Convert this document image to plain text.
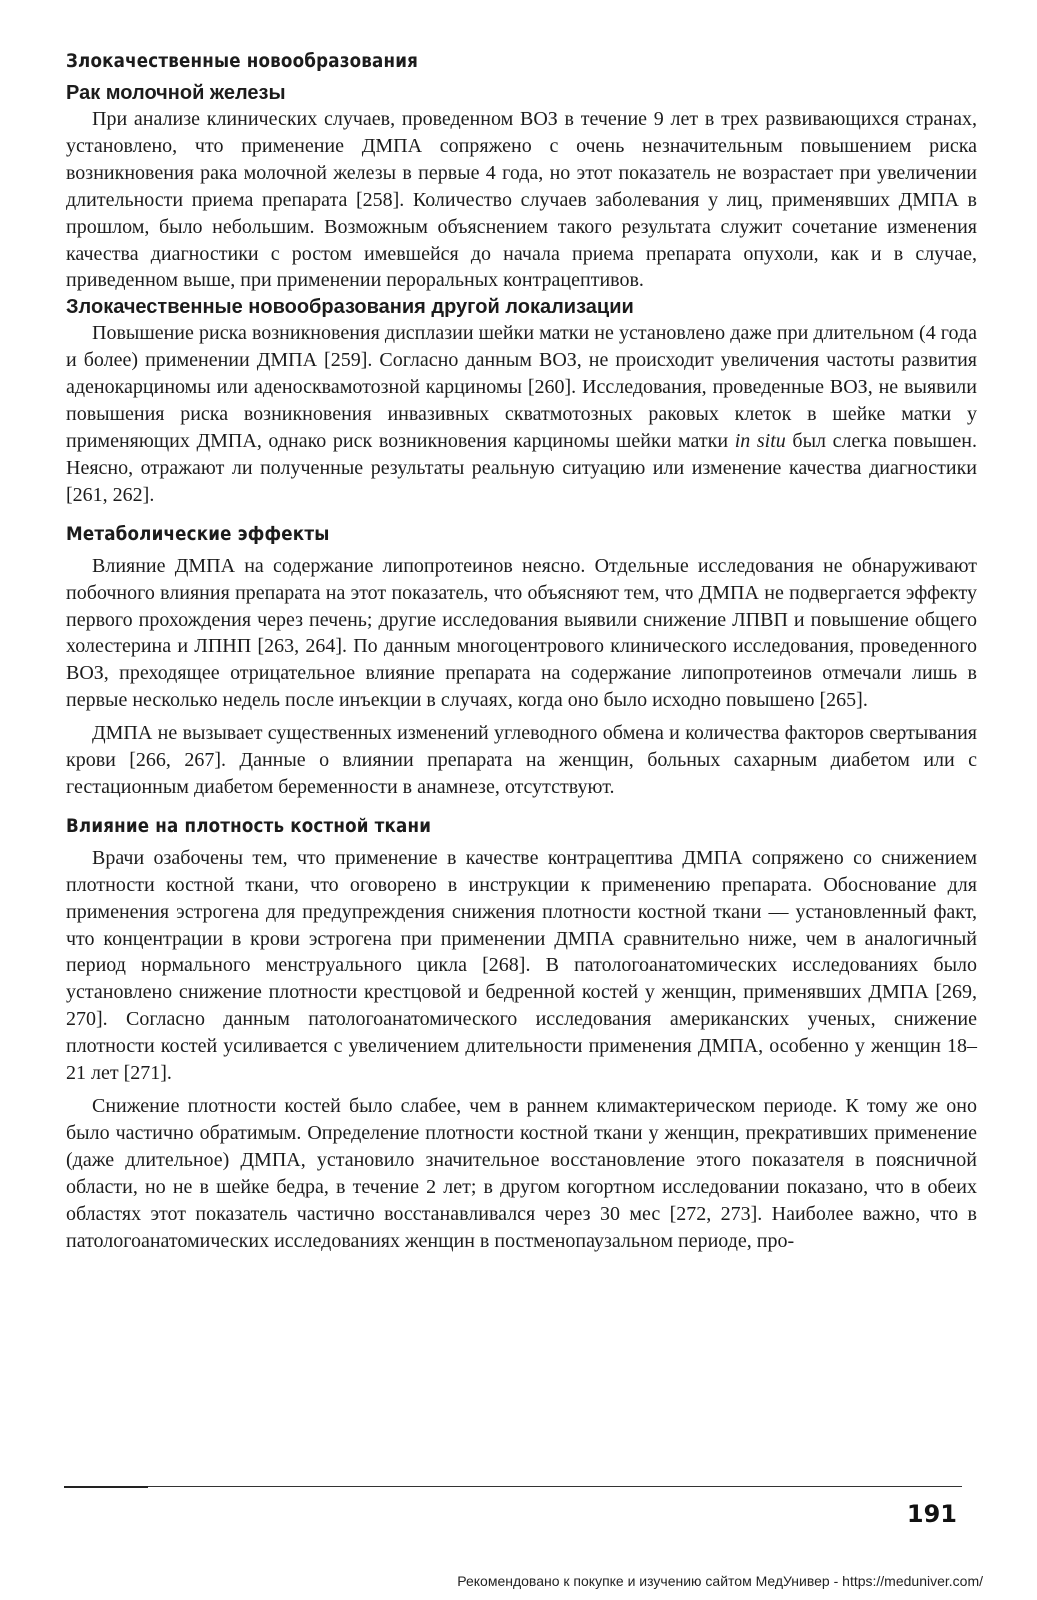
Злокачественные новообразования
Рак молочной железы

При анализе клинических случаев, проведенном ВОЗ в течение 9 лет в трех развивающихся странах, установлено, что применение ДМПА сопряжено с очень незначительным повышением риска возникновения рака молочной железы в первые 4 года, но этот показатель не возрастает при увеличении длительности приема препарата [258]. Количество случаев заболевания у лиц, применявших ДМПА в прошлом, было небольшим. Возможным объяснением такого результата служит сочетание изменения качества диагностики с ростом имевшейся до начала приема препарата опухоли, как и в случае, приведенном выше, при применении пероральных контрацептивов.

Злокачественные новообразования другой локализации

Повышение риска возникновения дисплазии шейки матки не установлено даже при длительном (4 года и более) применении ДМПА [259]. Согласно данным ВОЗ, не происходит увеличения частоты развития аденокарциномы или аденосквамотозной карциномы [260]. Исследования, проведенные ВОЗ, не выявили повышения риска возникновения инвазивных скватмотозных раковых клеток в шейке матки у применяющих ДМПА, однако риск возникновения карциномы шейки матки in situ был слегка повышен. Неясно, отражают ли полученные результаты реальную ситуацию или изменение качества диагностики [261, 262].

Метаболические эффекты

Влияние ДМПА на содержание липопротеинов неясно. Отдельные исследования не обнаруживают побочного влияния препарата на этот показатель, что объясняют тем, что ДМПА не подвергается эффекту первого прохождения через печень; другие исследования выявили снижение ЛПВП и повышение общего холестерина и ЛПНП [263, 264]. По данным многоцентрового клинического исследования, проведенного ВОЗ, преходящее отрицательное влияние препарата на содержание липопротеинов отмечали лишь в первые несколько недель после инъекции в случаях, когда оно было исходно повышено [265].

ДМПА не вызывает существенных изменений углеводного обмена и количества факторов свертывания крови [266, 267]. Данные о влиянии препарата на женщин, больных сахарным диабетом или с гестационным диабетом беременности в анамнезе, отсутствуют.

Влияние на плотность костной ткани

Врачи озабочены тем, что применение в качестве контрацептива ДМПА сопряжено со снижением плотности костной ткани, что оговорено в инструкции к применению препарата. Обоснование для применения эстрогена для предупреждения снижения плотности костной ткани — установленный факт, что концентрации в крови эстрогена при применении ДМПА сравнительно ниже, чем в аналогичный период нормального менструального цикла [268]. В патологоанатомических исследованиях было установлено снижение плотности крестцовой и бедренной костей у женщин, применявших ДМПА [269, 270]. Согласно данным патологоанатомического исследования американских ученых, снижение плотности костей усиливается с увеличением длительности применения ДМПА, особенно у женщин 18–21 лет [271].

Снижение плотности костей было слабее, чем в раннем климактерическом периоде. К тому же оно было частично обратимым. Определение плотности костной ткани у женщин, прекративших применение (даже длительное) ДМПА, установило значительное восстановление этого показателя в поясничной области, но не в шейке бедра, в течение 2 лет; в другом когортном исследовании показано, что в обеих областях этот показатель частично восстанавливался через 30 мес [272, 273]. Наиболее важно, что в патологоанатомических исследованиях женщин в постменопаузальном периоде, про-

191
Рекомендовано к покупке и изучению сайтом МедУнивер - https://meduniver.com/
